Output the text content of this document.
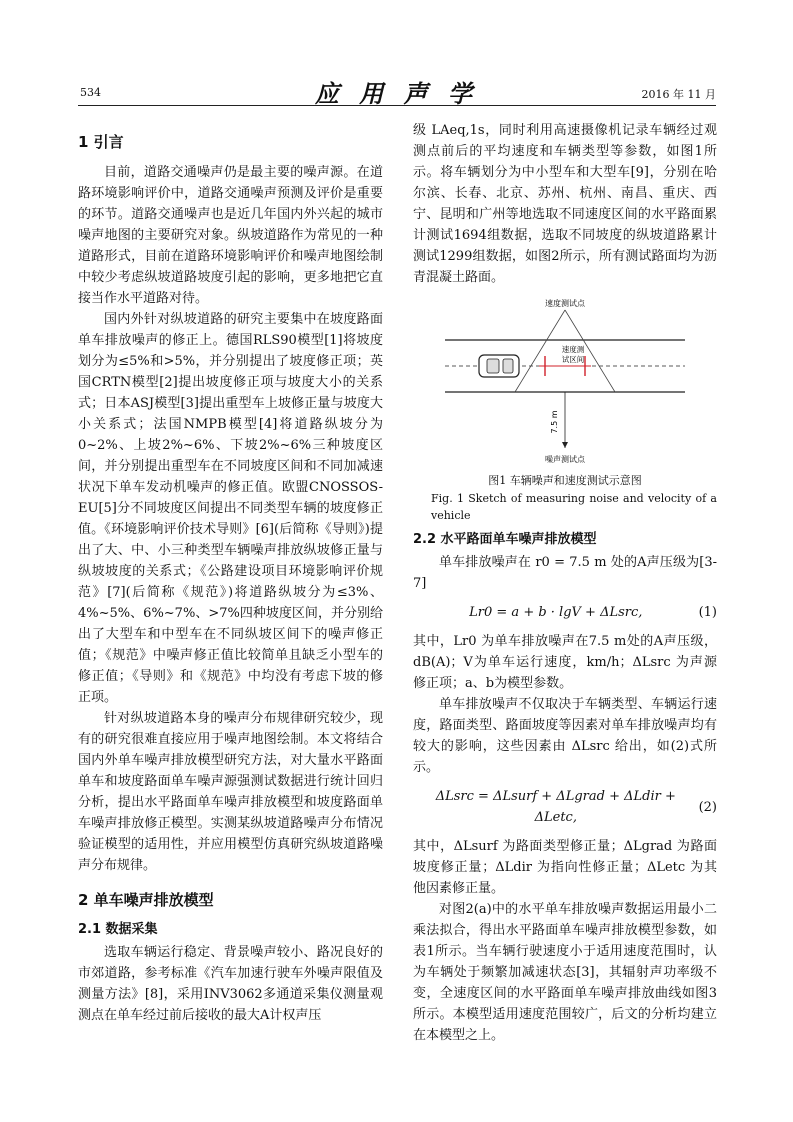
534	应 用 声 学	2016 年 11 月
1 引言

目前，道路交通噪声仍是最主要的噪声源。在道路环境影响评价中，道路交通噪声预测及评价是重要的环节。道路交通噪声也是近几年国内外兴起的城市噪声地图的主要研究对象。纵坡道路作为常见的一种道路形式，目前在道路环境影响评价和噪声地图绘制中较少考虑纵坡道路坡度引起的影响，更多地把它直接当作水平道路对待。

国内外针对纵坡道路的研究主要集中在坡度路面单车排放噪声的修正上。德国RLS90模型[1]将坡度划分为≤5%和>5%，并分别提出了坡度修正项；英国CRTN模型[2]提出坡度修正项与坡度大小的关系式；日本ASJ模型[3]提出重型车上坡修正量与坡度大小关系式；法国NMPB模型[4]将道路纵坡分为0~2%、上坡2%~6%、下坡2%~6%三种坡度区间，并分别提出重型车在不同坡度区间和不同加减速状况下单车发动机噪声的修正值。欧盟CNOSSOS-EU[5]分不同坡度区间提出不同类型车辆的坡度修正值。《环境影响评价技术导则》[6](后简称《导则》)提出了大、中、小三种类型车辆噪声排放纵坡修正量与纵坡坡度的关系式；《公路建设项目环境影响评价规范》[7](后简称《规范》)将道路纵坡分为≤3%、4%~5%、6%~7%、>7%四种坡度区间，并分别给出了大型车和中型车在不同纵坡区间下的噪声修正值；《规范》中噪声修正值比较简单且缺乏小型车的修正值；《导则》和《规范》中均没有考虑下坡的修正项。

针对纵坡道路本身的噪声分布规律研究较少，现有的研究很难直接应用于噪声地图绘制。本文将结合国内外单车噪声排放模型研究方法，对大量水平路面单车和坡度路面单车噪声源强测试数据进行统计回归分析，提出水平路面单车噪声排放模型和坡度路面单车噪声排放修正模型。实测某纵坡道路噪声分布情况验证模型的适用性，并应用模型仿真研究纵坡道路噪声分布规律。

2 单车噪声排放模型
2.1 数据采集

选取车辆运行稳定、背景噪声较小、路况良好的市郊道路，参考标准《汽车加速行驶车外噪声限值及测量方法》[8]，采用INV3062多通道采集仪测量观测点在单车经过前后接收的最大A计权声压

级 LAeq,1s，同时利用高速摄像机记录车辆经过观测点前后的平均速度和车辆类型等参数，如图1所示。将车辆划分为中小型车和大型车[9]，分别在哈尔滨、长春、北京、苏州、杭州、南昌、重庆、西宁、昆明和广州等地选取不同速度区间的水平路面累计测试1694组数据，选取不同坡度的纵坡道路累计测试1299组数据，如图2所示，所有测试路面均为沥青混凝土路面。

速度测试点
速度测
试区间
7.5 m
噪声测试点
图1 车辆噪声和速度测试示意图
Fig. 1 Sketch of measuring noise and velocity of a vehicle
2.2 水平路面单车噪声排放模型

单车排放噪声在 r0 = 7.5 m 处的A声压级为[3-7]

Lr0 = a + b · lgV + ΔLsrc,	(1)

其中，Lr0 为单车排放噪声在7.5 m处的A声压级，dB(A)；V为单车运行速度，km/h；ΔLsrc 为声源修正项；a、b为模型参数。

单车排放噪声不仅取决于车辆类型、车辆运行速度，路面类型、路面坡度等因素对单车排放噪声均有较大的影响，这些因素由 ΔLsrc 给出，如(2)式所示。

ΔLsrc = ΔLsurf + ΔLgrad + ΔLdir + ΔLetc,
(2)

其中，ΔLsurf 为路面类型修正量；ΔLgrad 为路面坡度修正量；ΔLdir 为指向性修正量；ΔLetc 为其他因素修正量。

对图2(a)中的水平单车排放噪声数据运用最小二乘法拟合，得出水平路面单车噪声排放模型参数，如表1所示。当车辆行驶速度小于适用速度范围时，认为车辆处于频繁加减速状态[3]，其辐射声功率级不变，全速度区间的水平路面单车噪声排放曲线如图3所示。本模型适用速度范围较广，后文的分析均建立在本模型之上。
